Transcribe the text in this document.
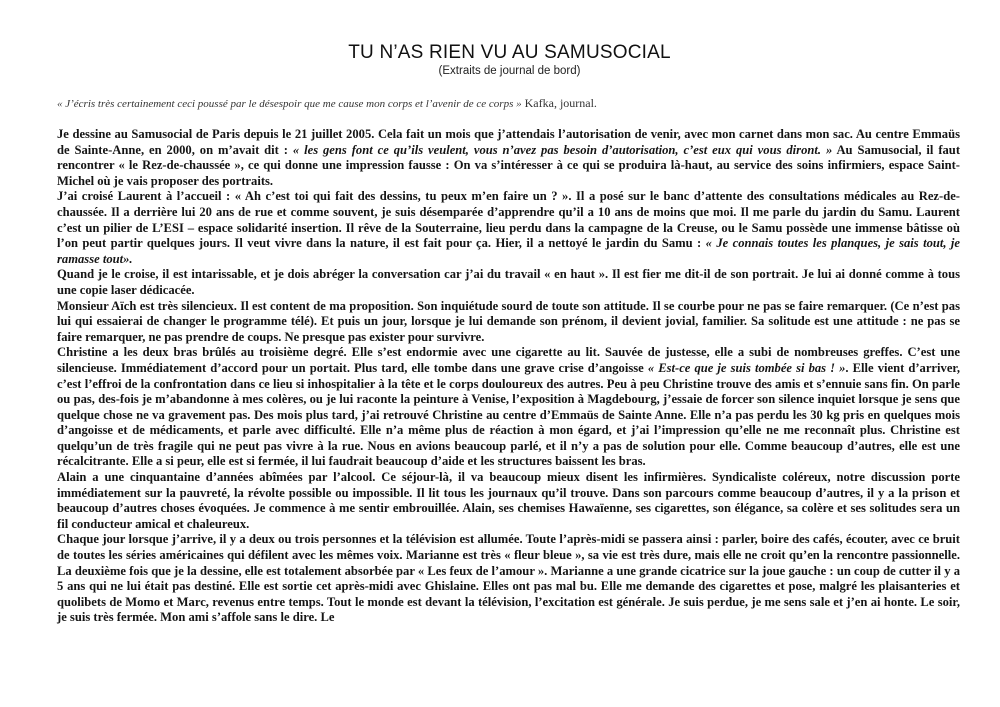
TU N’AS RIEN VU AU SAMUSOCIAL
(Extraits de journal de bord)
« J’écris très certainement ceci poussé par le désespoir que me cause mon corps et l’avenir de ce corps » Kafka, journal.

Je dessine au Samusocial de Paris depuis le 21 juillet 2005. Cela fait un mois que j’attendais l’autorisation de venir, avec mon carnet dans mon sac. Au centre Emmaüs de Sainte-Anne, en 2000, on m’avait dit : « les gens font ce qu’ils veulent, vous n’avez pas besoin d’autorisation, c’est eux qui vous diront. » Au Samusocial, il faut rencontrer « le Rez-de-chaussée », ce qui donne une impression fausse : On va s’intéresser à ce qui se produira là-haut, au service des soins infirmiers, espace Saint-Michel où je vais proposer des portraits.

J’ai croisé Laurent à l’accueil : « Ah c’est toi qui fait des dessins, tu peux m’en faire un ? ». Il a posé sur le banc d’attente des consultations médicales au Rez-de-chaussée. Il a derrière lui 20 ans de rue et comme souvent, je suis désemparée d’apprendre qu’il a 10 ans de moins que moi. Il me parle du jardin du Samu. Laurent c’est un pilier de L’ESI – espace solidarité insertion. Il rêve de la Souterraine, lieu perdu dans la campagne de la Creuse, ou le Samu possède une immense bâtisse où l’on peut partir quelques jours. Il veut vivre dans la nature, il est fait pour ça. Hier, il a nettoyé le jardin du Samu : « Je connais toutes les planques, je sais tout, je ramasse tout».

Quand je le croise, il est intarissable, et je dois abréger la conversation car j’ai du travail « en haut ». Il est fier me dit-il de son portrait. Je lui ai donné comme à tous une copie laser dédicacée.

Monsieur Aïch est très silencieux. Il est content de ma proposition. Son inquiétude sourd de toute son attitude. Il se courbe pour ne pas se faire remarquer. (Ce n’est pas lui qui essaierai de changer le programme télé). Et puis un jour, lorsque je lui demande son prénom, il devient jovial, familier. Sa solitude est une attitude : ne pas se faire remarquer, ne pas prendre de coups. Ne presque pas exister pour survivre.

Christine a les deux bras brûlés au troisième degré. Elle s’est endormie avec une cigarette au lit. Sauvée de justesse, elle a subi de nombreuses greffes. C’est une silencieuse. Immédiatement d’accord pour un portait. Plus tard, elle tombe dans une grave crise d’angoisse « Est-ce que je suis tombée si bas ! ». Elle vient d’arriver, c’est l’effroi de la confrontation dans ce lieu si inhospitalier à la tête et le corps douloureux des autres. Peu à peu Christine trouve des amis et s’ennuie sans fin. On parle ou pas, des-fois je m’abandonne à mes colères, ou je lui raconte la peinture à Venise, l’exposition à Magdebourg, j’essaie de forcer son silence inquiet lorsque je sens que quelque chose ne va gravement pas. Des mois plus tard, j’ai retrouvé Christine au centre d’Emmaüs de Sainte Anne. Elle n’a pas perdu les 30 kg pris en quelques mois d’angoisse et de médicaments, et parle avec difficulté. Elle n’a même plus de réaction à mon égard, et j’ai l’impression qu’elle ne me reconnaît plus. Christine est quelqu’un de très fragile qui ne peut pas vivre à la rue. Nous en avions beaucoup parlé, et il n’y a pas de solution pour elle. Comme beaucoup d’autres, elle est une récalcitrante. Elle a si peur, elle est si fermée, il lui faudrait beaucoup d’aide et les structures baissent les bras.

Alain a une cinquantaine d’années abîmées par l’alcool. Ce séjour-là, il va beaucoup mieux disent les infirmières. Syndicaliste coléreux, notre discussion porte immédiatement sur la pauvreté, la révolte possible ou impossible. Il lit tous les journaux qu’il trouve. Dans son parcours comme beaucoup d’autres, il y a la prison et beaucoup d’autres choses évoquées. Je commence à me sentir embrouillée. Alain, ses chemises Hawaïenne, ses cigarettes, son élégance, sa colère et ses solitudes sera un fil conducteur amical et chaleureux.

Chaque jour lorsque j’arrive, il y a deux ou trois personnes et la télévision est allumée. Toute l’après-midi se passera ainsi : parler, boire des cafés, écouter, avec ce bruit de toutes les séries américaines qui défilent avec les mêmes voix. Marianne est très « fleur bleue », sa vie est très dure, mais elle ne croit qu’en la rencontre passionnelle. La deuxième fois que je la dessine, elle est totalement absorbée par « Les feux de l’amour ». Marianne a une grande cicatrice sur la joue gauche : un coup de cutter il y a 5 ans qui ne lui était pas destiné. Elle est sortie cet après-midi avec Ghislaine. Elles ont pas mal bu. Elle me demande des cigarettes et pose, malgré les plaisanteries et quolibets de Momo et Marc, revenus entre temps. Tout le monde est devant la télévision, l’excitation est générale. Je suis perdue, je me sens sale et j’en ai honte. Le soir, je suis très fermée. Mon ami s’affole sans le dire. Le
